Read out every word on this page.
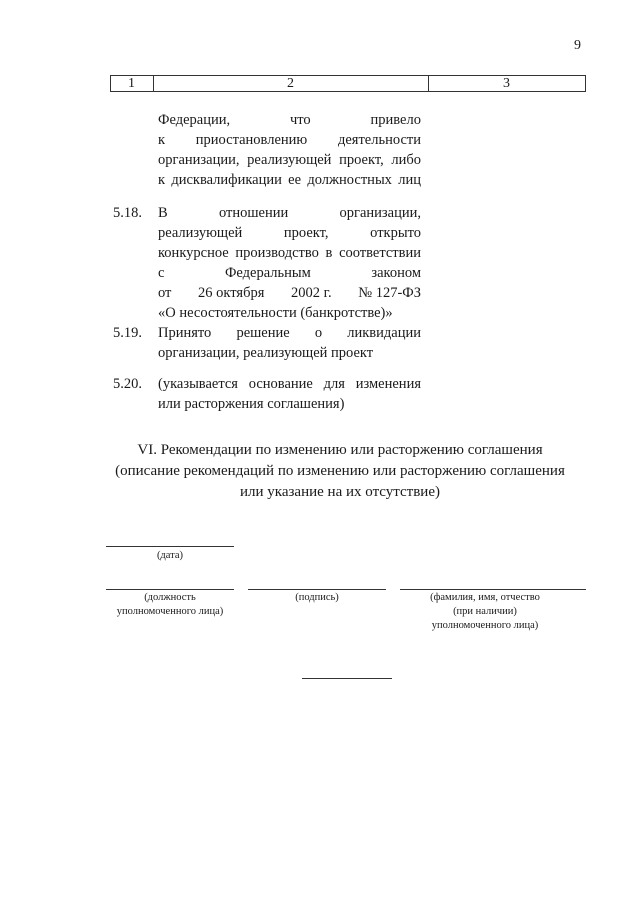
9
1	2	3
Федерации,	что	привело
к приостановлению деятельности
организации, реализующей проект, либо
к дисквалификации ее должностных лиц
5.18. В	отношении	организации,
реализующей	проект,	открыто
конкурсное производство в соответствии
с	Федеральным	законом
от 26 октября 2002 г. № 127-ФЗ
«О несостоятельности (банкротстве)»
5.19. Принято решение о ликвидации
организации, реализующей проект
5.20. (указывается основание для изменения
или расторжения соглашения)
VI. Рекомендации по изменению или расторжению соглашения
(описание рекомендаций по изменению или расторжению соглашения
или указание на их отсутствие)
(дата)
(должность
уполномоченного лица)
(подпись)	(фамилия, имя, отчество
(при наличии)
уполномоченного лица)
